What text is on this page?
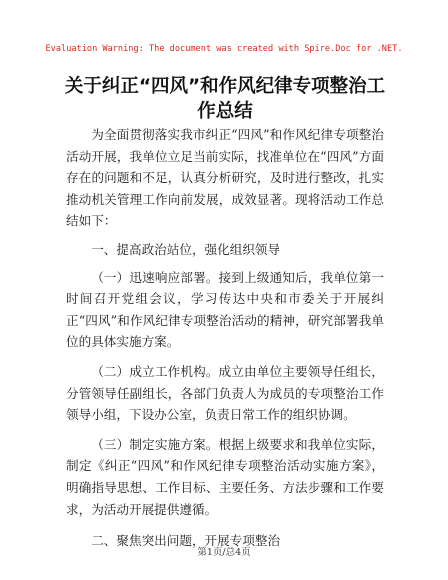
Evaluation Warning: The document was created with Spire.Doc for .NET.
关于纠正“四风”和作风纪律专项整治工作总结

为全面贯彻落实我市纠正“四风”和作风纪律专项整治活动开展，我单位立足当前实际，找准单位在“四风”方面存在的问题和不足，认真分析研究，及时进行整改，扎实推动机关管理工作向前发展，成效显著。现将活动工作总结如下：

一、提高政治站位，强化组织领导

（一）迅速响应部署。接到上级通知后，我单位第一时间召开党组会议，学习传达中央和市委关于开展纠正“四风”和作风纪律专项整治活动的精神，研究部署我单位的具体实施方案。

（二）成立工作机构。成立由单位主要领导任组长，分管领导任副组长，各部门负责人为成员的专项整治工作领导小组，下设办公室，负责日常工作的组织协调。

（三）制定实施方案。根据上级要求和我单位实际，制定《纠正“四风”和作风纪律专项整治活动实施方案》，明确指导思想、工作目标、主要任务、方法步骤和工作要求，为活动开展提供遵循。

二、聚焦突出问题，开展专项整治

第1页/总4页
